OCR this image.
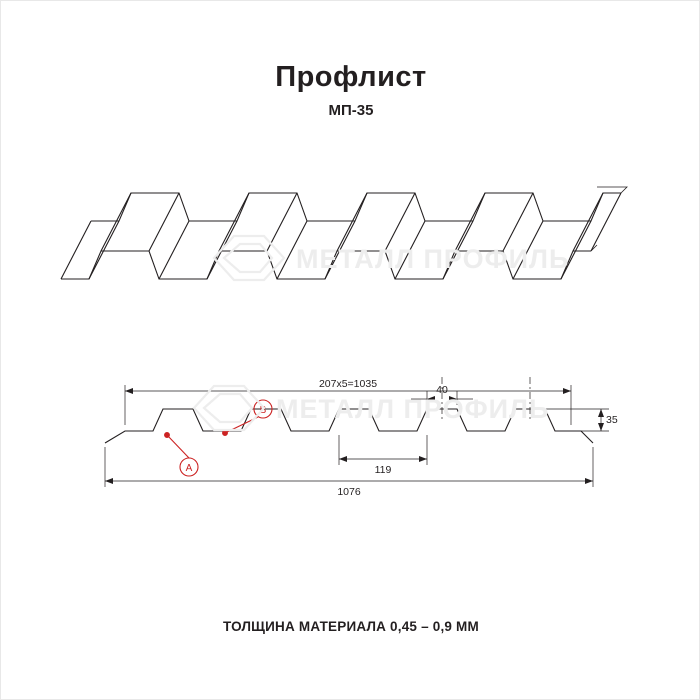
Профлист
МП-35
МЕТАЛЛ ПРОФИЛЬ
1076
207х5=1035	40
119
35
A
B МЕТАЛЛ ПРОФИЛЬ
ТОЛЩИНА МАТЕРИАЛА 0,45 – 0,9 ММ
